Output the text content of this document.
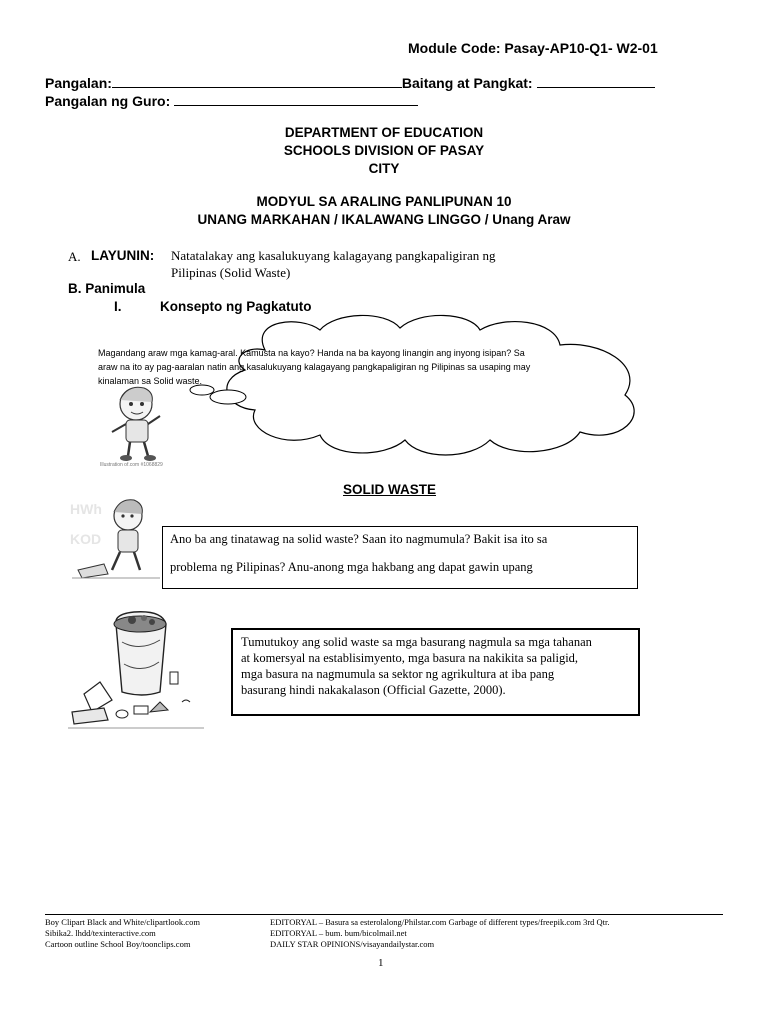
Module Code: Pasay-AP10-Q1- W2-01
Pangalan:	Baitang at Pangkat:
Pangalan ng Guro:
DEPARTMENT OF EDUCATION
SCHOOLS DIVISION OF PASAY
CITY
MODYUL SA ARALING PANLIPUNAN 10
UNANG MARKAHAN / IKALAWANG LINGGO / Unang Araw
A. LAYUNIN: Natatalakay ang kasalukuyang kalagayang pangkapaligiran ng
Pilipinas (Solid Waste)
B. Panimula
I.	Konsepto ng Pagkatuto
Magandang araw mga kamag-aral. Kamusta na kayo? Handa na ba kayong linangin ang inyong isipan? Sa
araw na ito ay pag-aaralan natin ang kasalukuyang kalagayang pangkapaligiran ng Pilipinas sa usaping may
kinalaman sa Solid waste.
Illustration of.com #1068829
SOLID WASTE
HWh
KOD	Ano ba ang tinatawag na solid waste? Saan ito nagmumula? Bakit isa ito sa
problema ng Pilipinas? Anu-anong mga hakbang ang dapat gawin upang
Tumutukoy ang solid waste sa mga basurang nagmula sa mga tahanan
at komersyal na establisimyento, mga basura na nakikita sa paligid,
mga basura na nagmumula sa sektor ng agrikultura at iba pang
basurang hindi nakakalason (Official Gazette, 2000).
Boy Clipart Black and White/clipartlook.com
Sibika2. lhdd/texinteractive.com
Cartoon outline School Boy/toonclips.com
EDITORYAL – Basura sa esterolalong/Philstar.com Garbage of different types/freepik.com 3rd Qtr.
EDITORYAL – bum. bum/bicolmail.net
DAILY STAR OPINIONS/visayandailystar.com
1
